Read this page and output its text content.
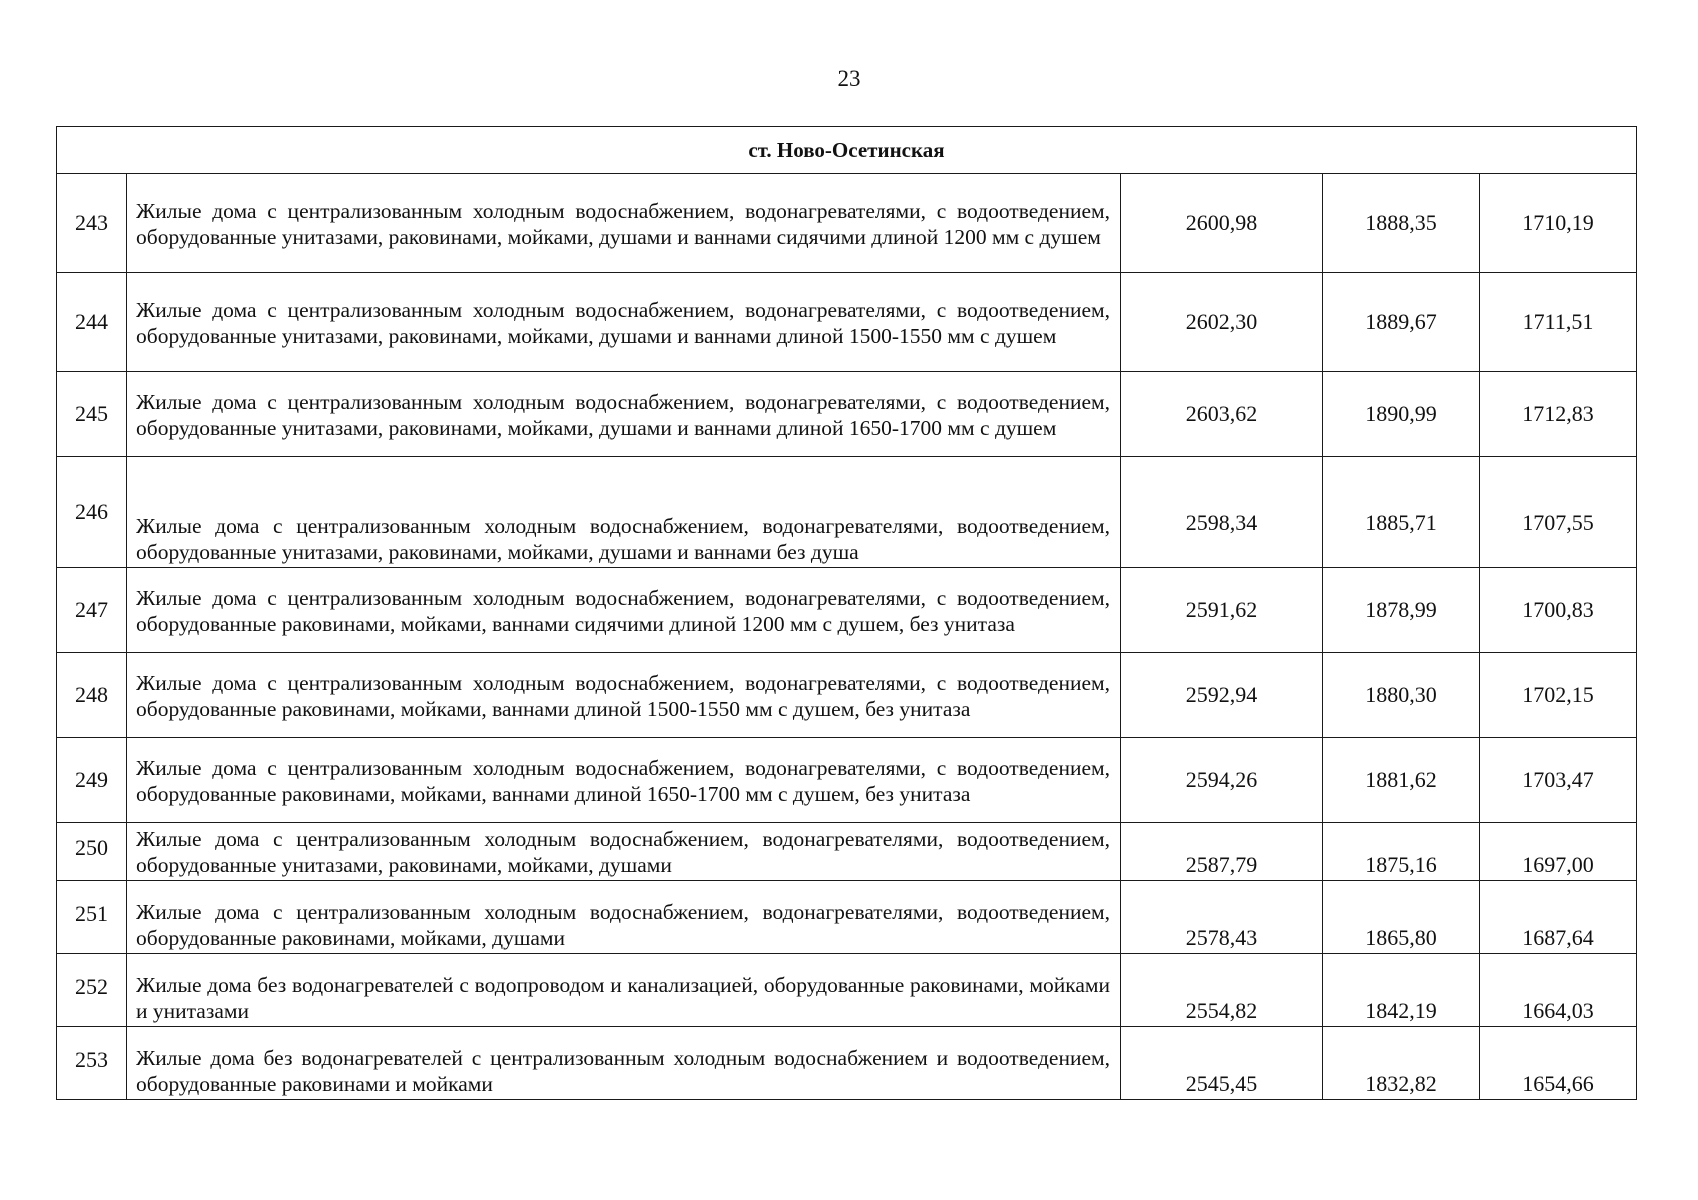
23
ст. Ново-Осетинская				
243	Жилые дома с централизованным холодным водоснабжением, водонагревателями, с водоотведением, оборудованные унитазами, раковинами, мойками, душами и ваннами сидячими длиной 1200 мм с душем	2600,98	1888,35	1710,19
244	Жилые дома с централизованным холодным водоснабжением, водонагревателями, с водоотведением, оборудованные унитазами, раковинами, мойками, душами и ваннами длиной 1500-1550 мм с душем	2602,30	1889,67	1711,51
245	Жилые дома с централизованным холодным водоснабжением, водонагревателями, с водоотведением, оборудованные унитазами, раковинами, мойками, душами и ваннами длиной 1650-1700 мм с душем	2603,62	1890,99	1712,83
246	Жилые дома с централизованным холодным водоснабжением, водонагревателями, водоотведением, оборудованные унитазами, раковинами, мойками, душами и ваннами без душа	2598,34	1885,71	1707,55
247	Жилые дома с централизованным холодным водоснабжением, водонагревателями, с водоотведением, оборудованные раковинами, мойками, ваннами сидячими длиной 1200 мм с душем, без унитаза	2591,62	1878,99	1700,83
248	Жилые дома с централизованным холодным водоснабжением, водонагревателями, с водоотведением, оборудованные раковинами, мойками, ваннами длиной 1500-1550 мм с душем, без унитаза	2592,94	1880,30	1702,15
249	Жилые дома с централизованным холодным водоснабжением, водонагревателями, с водоотведением, оборудованные раковинами, мойками, ваннами длиной 1650-1700 мм с душем, без унитаза	2594,26	1881,62	1703,47
250	Жилые дома с централизованным холодным водоснабжением, водонагревателями, водоотведением, оборудованные унитазами, раковинами, мойками, душами	2587,79	1875,16	1697,00
251	Жилые дома с централизованным холодным водоснабжением, водонагревателями, водоотведением, оборудованные раковинами, мойками, душами	2578,43	1865,80	1687,64
252	Жилые дома без водонагревателей с водопроводом и канализацией, оборудованные раковинами, мойками и унитазами	2554,82	1842,19	1664,03
253	Жилые дома без водонагревателей с централизованным холодным водоснабжением и водоотведением, оборудованные раковинами и мойками	2545,45	1832,82	1654,66
